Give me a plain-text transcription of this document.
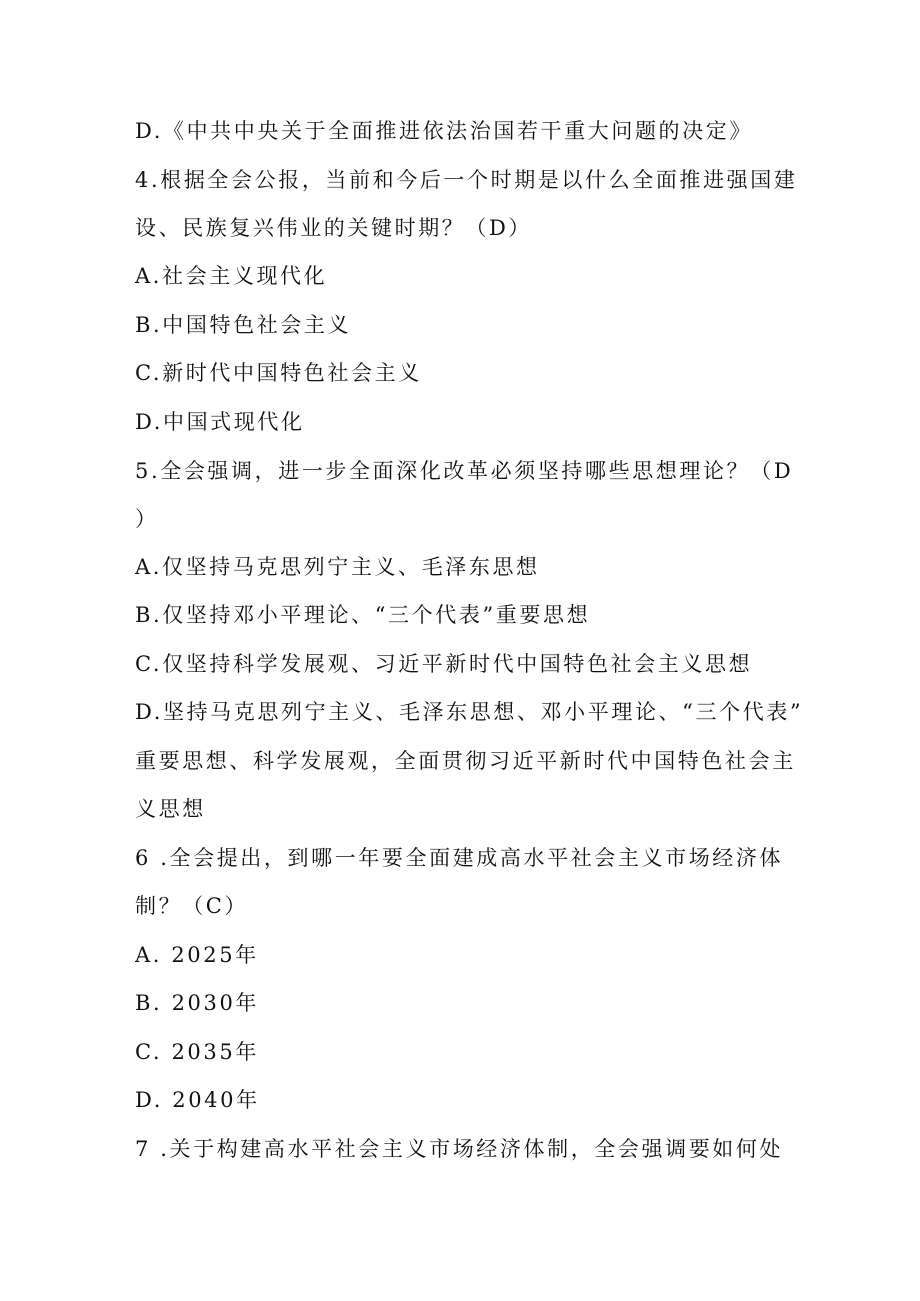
D.《中共中央关于全面推进依法治国若干重大问题的决定》
4.根据全会公报，当前和今后一个时期是以什么全面推进强国建
设、民族复兴伟业的关键时期？（D）
A.社会主义现代化
B.中国特色社会主义
C.新时代中国特色社会主义
D.中国式现代化
5.全会强调，进一步全面深化改革必须坚持哪些思想理论？（D
）
A.仅坚持马克思列宁主义、毛泽东思想
B.仅坚持邓小平理论、“三个代表”重要思想
C.仅坚持科学发展观、习近平新时代中国特色社会主义思想
D.坚持马克思列宁主义、毛泽东思想、邓小平理论、“三个代表”
重要思想、科学发展观，全面贯彻习近平新时代中国特色社会主
义思想
6 .全会提出，到哪一年要全面建成高水平社会主义市场经济体
制？（C）
A. 2025年
B. 2030年
C. 2035年
D. 2040年
7 .关于构建高水平社会主义市场经济体制，全会强调要如何处
